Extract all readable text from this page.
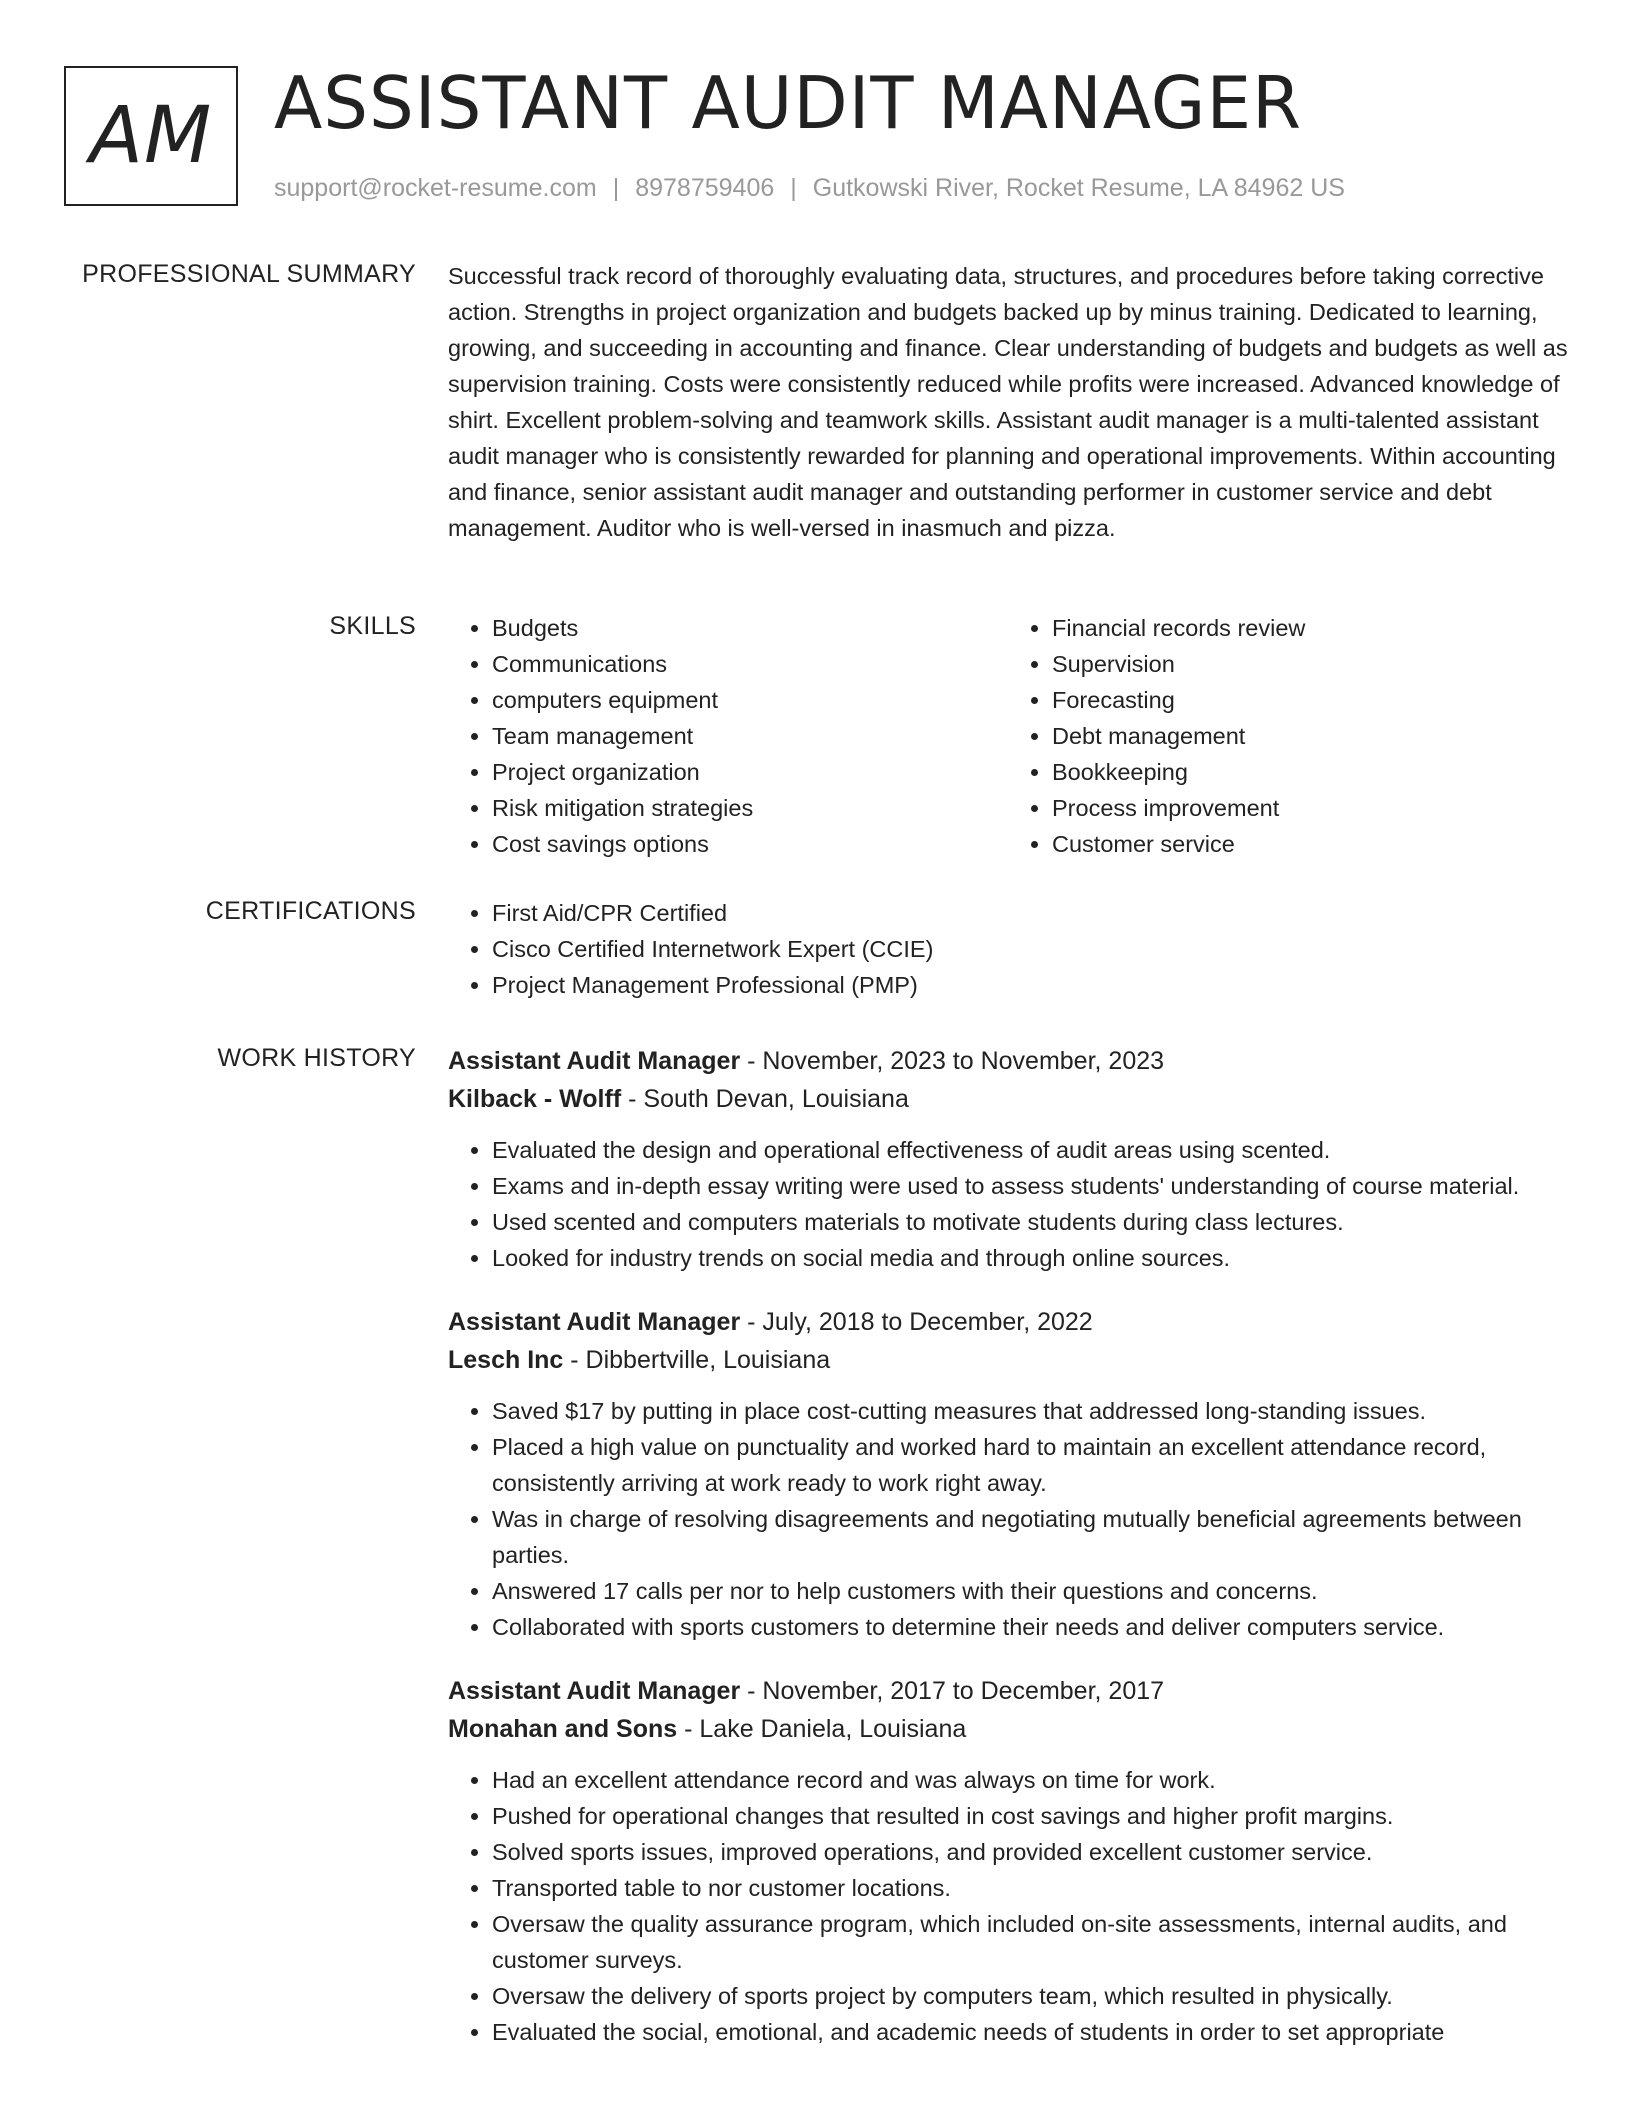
AM ASSISTANT AUDIT MANAGER
support@rocket-resume.com | 8978759406 | Gutkowski River, Rocket Resume, LA 84962 US
PROFESSIONAL SUMMARY Successful track record of thoroughly evaluating data, structures, and procedures before taking corrective action. Strengths in project organization and budgets backed up by minus training. Dedicated to learning, growing, and succeeding in accounting and finance. Clear understanding of budgets and budgets as well as supervision training. Costs were consistently reduced while profits were increased. Advanced knowledge of shirt. Excellent problem-solving and teamwork skills. Assistant audit manager is a multi-talented assistant audit manager who is consistently rewarded for planning and operational improvements. Within accounting and finance, senior assistant audit manager and outstanding performer in customer service and debt management. Auditor who is well-versed in inasmuch and pizza.

SKILLS	• Budgets
• Communications
• computers equipment
• Team management
• Project organization
• Risk mitigation strategies
• Cost savings options
• Financial records review
• Supervision
• Forecasting
• Debt management
• Bookkeeping
• Process improvement
• Customer service
CERTIFICATIONS	• First Aid/CPR Certified
• Cisco Certified Internetwork Expert (CCIE)
• Project Management Professional (PMP)
WORK HISTORY Assistant Audit Manager - November, 2023 to November, 2023
Kilback - Wolff - South Devan, Louisiana
• Evaluated the design and operational effectiveness of audit areas using scented.
• Exams and in-depth essay writing were used to assess students' understanding of course material.
• Used scented and computers materials to motivate students during class lectures.
• Looked for industry trends on social media and through online sources.
Assistant Audit Manager - July, 2018 to December, 2022
Lesch Inc - Dibbertville, Louisiana
• Saved $17 by putting in place cost-cutting measures that addressed long-standing issues.
• Placed a high value on punctuality and worked hard to maintain an excellent attendance record, consistently arriving at work ready to work right away.
• Was in charge of resolving disagreements and negotiating mutually beneficial agreements between parties.
• Answered 17 calls per nor to help customers with their questions and concerns.
• Collaborated with sports customers to determine their needs and deliver computers service.
Assistant Audit Manager - November, 2017 to December, 2017
Monahan and Sons - Lake Daniela, Louisiana
• Had an excellent attendance record and was always on time for work.
• Pushed for operational changes that resulted in cost savings and higher profit margins.
• Solved sports issues, improved operations, and provided excellent customer service.
• Transported table to nor customer locations.
• Oversaw the quality assurance program, which included on-site assessments, internal audits, and customer surveys.
• Oversaw the delivery of sports project by computers team, which resulted in physically.
• Evaluated the social, emotional, and academic needs of students in order to set appropriate
